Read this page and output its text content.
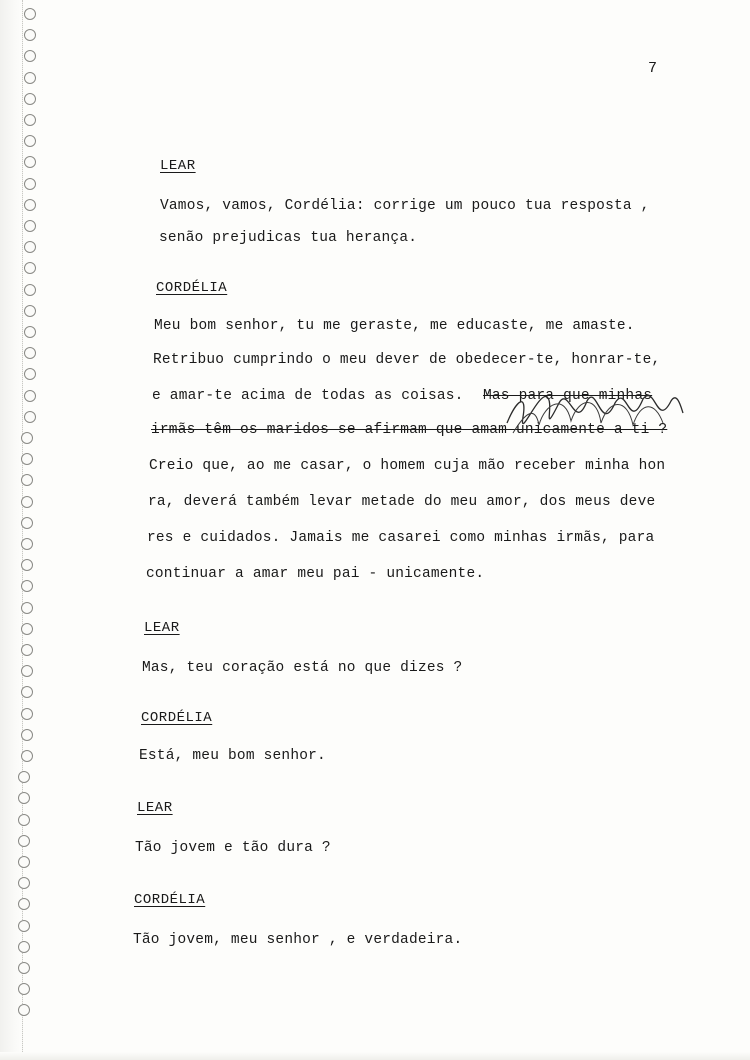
7
LEAR
Vamos, vamos, Cordélia: corrige um pouco tua resposta ,
senão prejudicas tua herança.
CORDÉLIA
Meu bom senhor, tu me geraste, me educaste, me amaste.
Retribuo cumprindo o meu dever de obedecer-te, honrar-te,
e amar-te acima de todas as coisas. Mas para que minhas
irmãs têm os maridos se afirmam que amam unicamente a ti ?
Creio que, ao me casar, o homem cuja mão receber minha hon
ra, deverá também levar metade do meu amor, dos meus deve
res e cuidados. Jamais me casarei como minhas irmãs, para
continuar a amar meu pai - unicamente.
LEAR
Mas, teu coração está no que dizes ?
CORDÉLIA
Está, meu bom senhor.
LEAR
Tão jovem e tão dura ?
CORDÉLIA
Tão jovem, meu senhor , e verdadeira.
